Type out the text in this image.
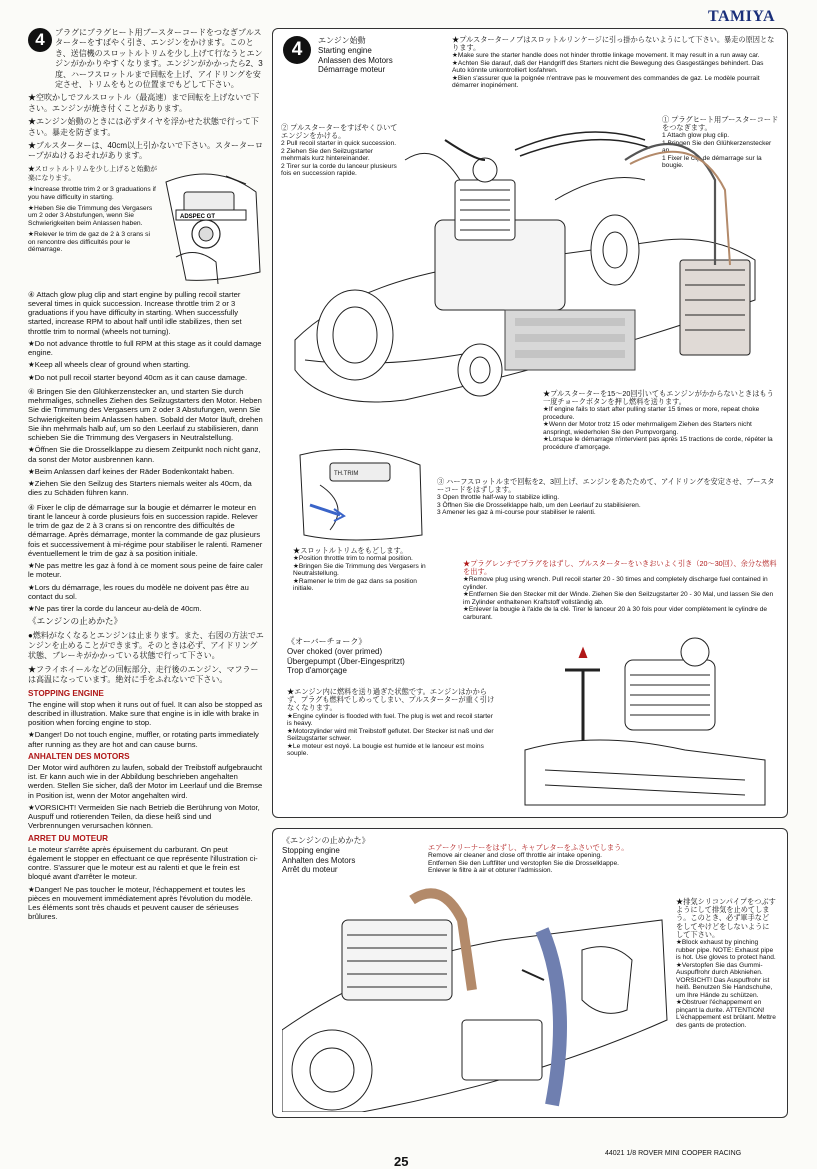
TAMIYA
4	プラグにプラグヒート用ブースターコードをつなぎプルスターターをすばやく引き、エンジンをかけます。このとき、送信機のスロットルトリムを少し上げて行なうとエンジンがかかりやすくなります。エンジンがかかったら2、3度、ハーフスロットルまで回転を上げ、アイドリングを安定させ、トリムをもとの位置までもどして下さい。

★空吹かしでフルスロットル（最高速）まで回転を上げないで下さい。エンジンが焼き付くことがあります。

★エンジン始動のときには必ずタイヤを浮かせた状態で行って下さい。暴走を防ぎます。

★プルスターターは、40cm以上引かないで下さい。スターターロープがぬけるおそれがあります。

★スロットルトリムを少し上げると始動が楽になります。

★Increase throttle trim 2 or 3 graduations if you have difficulty in starting.

★Heben Sie die Trimmung des Vergasers um 2 oder 3 Abstufungen, wenn Sie Schwierigkeiten beim Anlassen haben.

★Relever le trim de gaz de 2 à 3 crans si on rencontre des difficultés pour le démarrage.

ADSPEC GT

④ Attach glow plug clip and start engine by pulling recoil starter several times in quick succession. Increase throttle trim 2 or 3 graduations if you have difficulty in starting. When successfully started, increase RPM to about half until idle stabilizes, then set throttle trim to normal (wheels not turning).

★Do not advance throttle to full RPM at this stage as it could damage engine.

★Keep all wheels clear of ground when starting.

★Do not pull recoil starter beyond 40cm as it can cause damage.

④ Bringen Sie den Glühkerzenstecker an, und starten Sie durch mehrmaliges, schnelles Ziehen des Seilzugstarters den Motor. Heben Sie die Trimmung des Vergasers um 2 oder 3 Abstufungen, wenn Sie Schwierigkeiten beim Anlassen haben. Sobald der Motor läuft, drehen Sie ihn mehrmals halb auf, um so den Leerlauf zu stabilisieren, dann schieben Sie die Trimmung des Vergasers in Neutralstellung.

★Öffnen Sie die Drosselklappe zu diesem Zeitpunkt noch nicht ganz, da sonst der Motor ausbrennen kann.

★Beim Anlassen darf keines der Räder Bodenkontakt haben.

★Ziehen Sie den Seilzug des Starters niemals weiter als 40cm, da dies zu Schäden führen kann.

④ Fixer le clip de démarrage sur la bougie et démarrer le moteur en tirant le lanceur à corde plusieurs fois en succession rapide. Relever le trim de gaz de 2 à 3 crans si on rencontre des difficultés de démarrage. Après démarrage, monter la commande de gaz plusieurs fois et successivement à mi-régime pour stabiliser le ralenti. Ramener éventuellement le trim de gaz à sa position initiale.

★Ne pas mettre les gaz à fond à ce moment sous peine de faire caler le moteur.

★Lors du démarrage, les roues du modèle ne doivent pas être au contact du sol.

★Ne pas tirer la corde du lanceur au-delà de 40cm.

《エンジンの止めかた》

●燃料がなくなるとエンジンは止まります。また、右図の方法でエンジンを止めることができます。そのときは必ず、アイドリング状態、ブレーキがかかっている状態で行って下さい。

★フライホイールなどの回転部分、走行後のエンジン、マフラーは高温になっています。絶対に手をふれないで下さい。

STOPPING ENGINE

The engine will stop when it runs out of fuel. It can also be stopped as described in illustration. Make sure that engine is in idle with brake in position when forcing engine to stop.

★Danger! Do not touch engine, muffler, or rotating parts immediately after running as they are hot and can cause burns.

ANHALTEN DES MOTORS

Der Motor wird aufhören zu laufen, sobald der Treibstoff aufgebraucht ist. Er kann auch wie in der Abbildung beschrieben angehalten werden. Stellen Sie sicher, daß der Motor im Leerlauf und die Bremse in Position ist, wenn der Motor angehalten wird.

★VORSICHT! Vermeiden Sie nach Betrieb die Berührung von Motor, Auspuff und rotierenden Teilen, da diese heiß sind und Verbrennungen verursachen können.

ARRET DU MOTEUR

Le moteur s'arrête après épuisement du carburant. On peut également le stopper en effectuant ce que représente l'illustration ci-contre. S'assurer que le moteur est au ralenti et que le frein est bloqué avant d'arrêter le moteur.

★Danger! Ne pas toucher le moteur, l'échappement et toutes les pièces en mouvement immédiatement après l'évolution du modèle. Les éléments sont très chauds et peuvent causer de sérieuses brûlures.

4	エンジン始動
Starting engine
Anlassen des Motors
Démarrage moteur
★プルスターターノブはスロットルリンケージに引っ掛からないようにして下さい。暴走の原因となります。
★Make sure the starter handle does not hinder throttle linkage movement. It may result in a run away car.
★Achten Sie darauf, daß der Handgriff des Starters nicht die Bewegung des Gasgestänges behindert. Das Auto könnte unkontrolliert losfahren.
★Bien s'assurer que la poignée n'entrave pas le mouvement des commandes de gaz. Le modèle pourrait démarrer inopinément.
② プルスターターをすばやくひいてエンジンをかける。
2 Pull recoil starter in quick succession.
2 Ziehen Sie den Seilzugstarter mehrmals kurz hintereinander.
2 Tirer sur la corde du lanceur plusieurs fois en succession rapide.
① プラグヒート用ブースターコードをつなぎます。
1 Attach glow plug clip.
1 Bringen Sie den Glühkerzenstecker an.
1 Fixer le clip de démarrage sur la bougie.
★プルスターターを15〜20回引いてもエンジンがかからないときはもう一度チョークボタンを押し燃料を送ります。
★If engine fails to start after pulling starter 15 times or more, repeat choke procedure.
★Wenn der Motor trotz 15 oder mehrmaligem Ziehen des Starters nicht anspringt, wiederholen Sie den Pumpvorgang.
★Lorsque le démarrage n'intervient pas après 15 tractions de corde, répéter la procédure d'amorçage.
TH.TRIM
③ ハーフスロットルまで回転を2、3回上げ、エンジンをあたためて、アイドリングを安定させ、ブースターコードをはずします。
3 Open throttle half-way to stabilize idling.
3 Öffnen Sie die Drosselklappe halb, um den Leerlauf zu stabilisieren.
3 Amener les gaz à mi-course pour stabiliser le ralenti.
★スロットルトリムをもどします。
★Position throttle trim to normal position.
★Bringen Sie die Trimmung des Vergasers in Neutralstellung.
★Ramener le trim de gaz dans sa position initiale.
★プラグレンチでプラグをはずし、プルスターターをいきおいよく引き（20〜30回）、余分な燃料を出す。
★Remove plug using wrench. Pull recoil starter 20 - 30 times and completely discharge fuel contained in cylinder.
★Entfernen Sie den Stecker mit der Winde. Ziehen Sie den Seilzugstarter 20 - 30 Mal, und lassen Sie den im Zylinder enthaltenen Kraftstoff vollständig ab.
★Enlever la bougie à l'aide de la clé. Tirer le lanceur 20 à 30 fois pour vider complètement le cylindre de carburant.
《オーバーチョーク》
Over choked (over primed)
Übergepumpt (Über-Eingespritzt)
Trop d'amorçage
★エンジン内に燃料を送り過ぎた状態です。エンジンはかからず、プラグも燃料でしめってしまい、プルスターターが重く引けなくなります。
★Engine cylinder is flooded with fuel. The plug is wet and recoil starter is heavy.
★Motorzylinder wird mit Treibstoff geflutet. Der Stecker ist naß und der Seilzugstarter schwer.
★Le moteur est noyé. La bougie est humide et le lanceur est moins souple.
《エンジンの止めかた》
Stopping engine
Anhalten des Motors
Arrêt du moteur
エアークリーナーをはずし、キャブレターをふさいでしまう。
Remove air cleaner and close off throttle air intake opening.
Entfernen Sie den Luftfilter und verstopfen Sie die Drosselklappe.
Enlever le filtre à air et obturer l'admission.
★排気シリコンパイプをつぶすようにして排気を止めてしまう。このとき、必ず軍手などをしてやけどをしないようにして下さい。
★Block exhaust by pinching rubber pipe. NOTE: Exhaust pipe is hot. Use gloves to protect hand.
★Verstopfen Sie das Gummi-Auspuffrohr durch Abkniehen. VORSICHT! Das Auspuffrohr ist heiß. Benutzen Sie Handschuhe, um Ihre Hände zu schützen.
★Obstruer l'échappement en pinçant la durite. ATTENTION! L'échappement est brûlant. Mettre des gants de protection.
44021 1/8 ROVER MINI COOPER RACING
25
